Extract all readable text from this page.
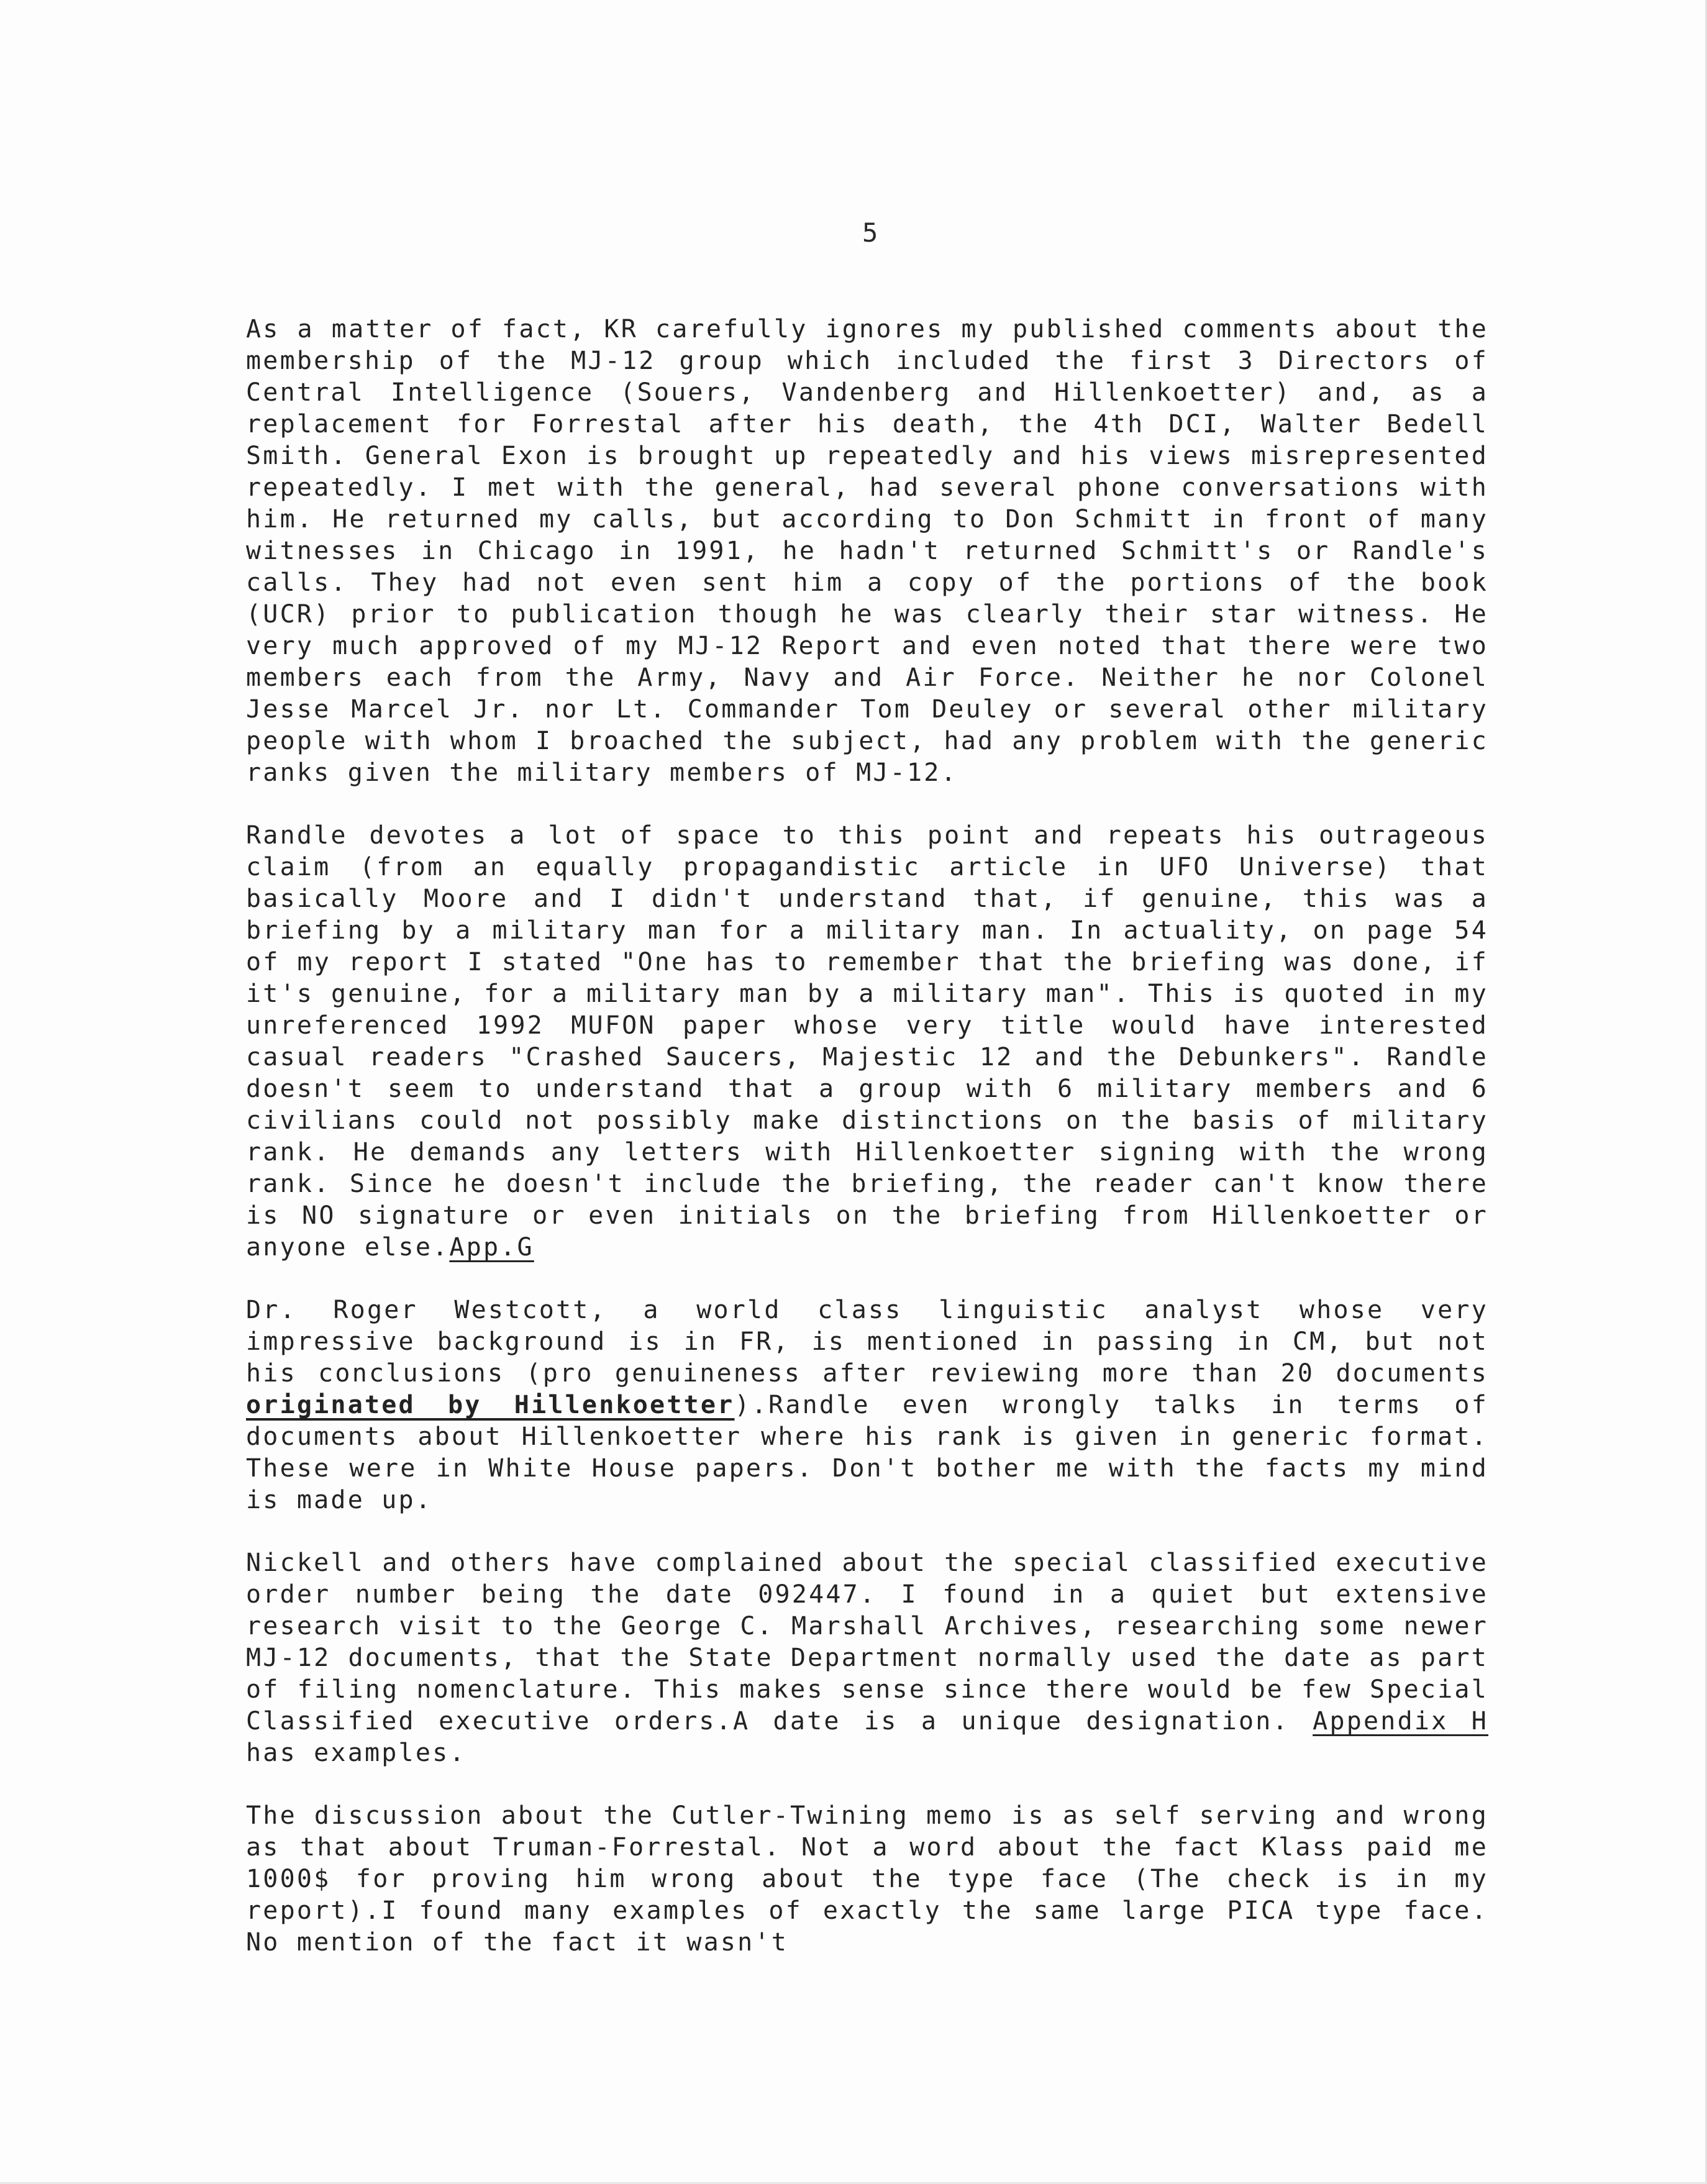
5

As a matter of fact, KR carefully ignores my published comments about the membership of the MJ-12 group which included the first 3 Directors of Central Intelligence (Souers, Vandenberg and Hillenkoetter) and, as a replacement for Forrestal after his death, the 4th DCI, Walter Bedell Smith. General Exon is brought up repeatedly and his views misrepresented repeatedly. I met with the general, had several phone conversations with him. He returned my calls, but according to Don Schmitt in front of many witnesses in Chicago in 1991, he hadn't returned Schmitt's or Randle's calls. They had not even sent him a copy of the portions of the book (UCR) prior to publication though he was clearly their star witness. He very much approved of my MJ-12 Report and even noted that there were two members each from the Army, Navy and Air Force. Neither he nor Colonel Jesse Marcel Jr. nor Lt. Commander Tom Deuley or several other military people with whom I broached the subject, had any problem with the generic ranks given the military members of MJ-12.

Randle devotes a lot of space to this point and repeats his outrageous claim (from an equally propagandistic article in UFO Universe) that basically Moore and I didn't understand that, if genuine, this was a briefing by a military man for a military man. In actuality, on page 54 of my report I stated "One has to remember that the briefing was done, if it's genuine, for a military man by a military man". This is quoted in my unreferenced 1992 MUFON paper whose very title would have interested casual readers "Crashed Saucers, Majestic 12 and the Debunkers". Randle doesn't seem to understand that a group with 6 military members and 6 civilians could not possibly make distinctions on the basis of military rank. He demands any letters with Hillenkoetter signing with the wrong rank. Since he doesn't include the briefing, the reader can't know there is NO signature or even initials on the briefing from Hillenkoetter or anyone else.App.G

Dr. Roger Westcott, a world class linguistic analyst whose very impressive background is in FR, is mentioned in passing in CM, but not his conclusions (pro genuineness after reviewing more than 20 documents originated by Hillenkoetter).Randle even wrongly talks in terms of documents about Hillenkoetter where his rank is given in generic format. These were in White House papers. Don't bother me with the facts my mind is made up.

Nickell and others have complained about the special classified executive order number being the date 092447. I found in a quiet but extensive research visit to the George C. Marshall Archives, researching some newer MJ-12 documents, that the State Department normally used the date as part of filing nomenclature. This makes sense since there would be few Special Classified executive orders.A date is a unique designation. Appendix H has examples.

The discussion about the Cutler-Twining memo is as self serving and wrong as that about Truman-Forrestal. Not a word about the fact Klass paid me 1000$ for proving him wrong about the type face (The check is in my report).I found many examples of exactly the same large PICA type face. No mention of the fact it wasn't
